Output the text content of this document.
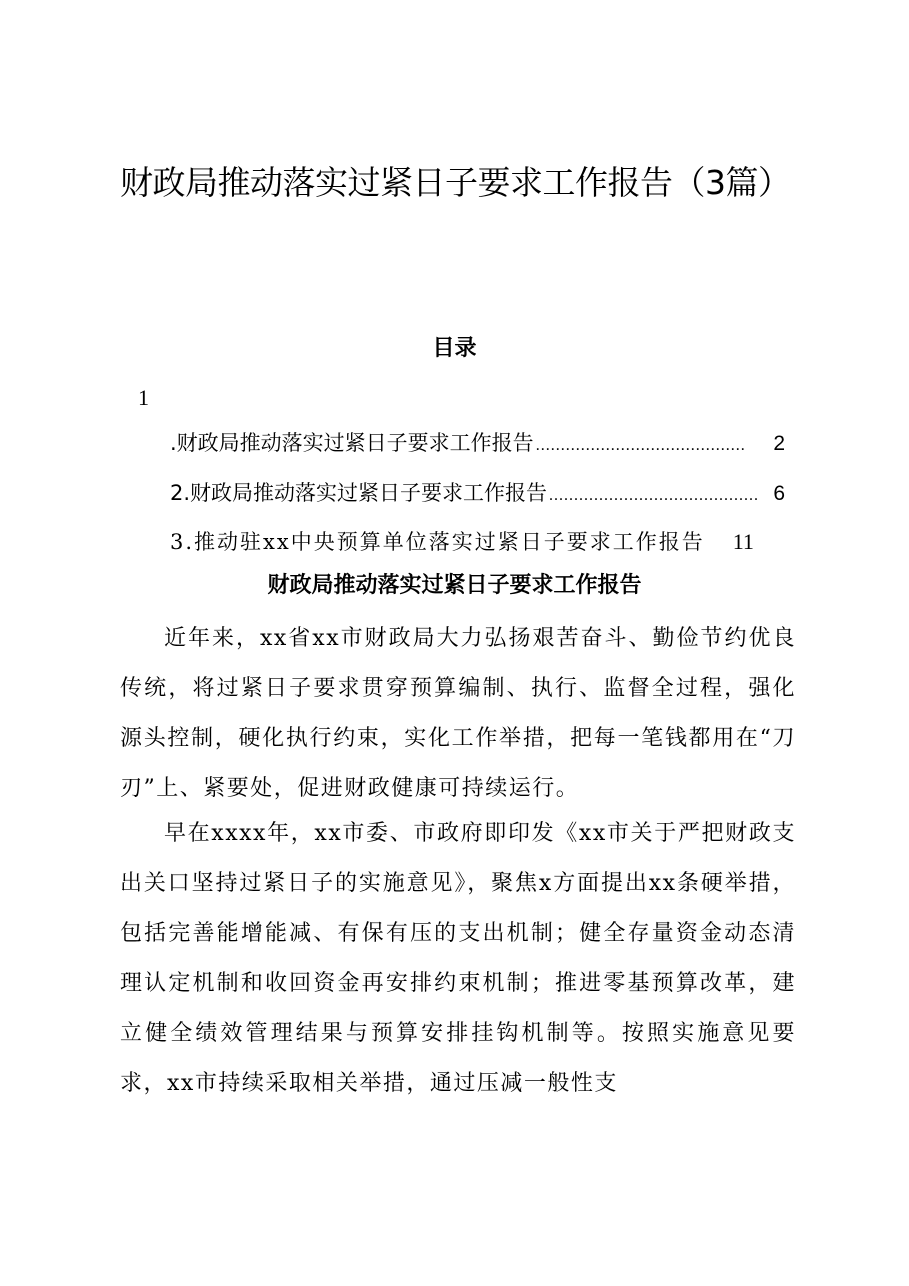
财政局推动落实过紧日子要求工作报告（3篇）
目录
1
.财政局推动落实过紧日子要求工作报告 ..........................................	2
2.财政局推动落实过紧日子要求工作报告 .......................................... 6
3.推动驻xx中央预算单位落实过紧日子要求工作报告 11
财政局推动落实过紧日子要求工作报告

近年来，xx省xx市财政局大力弘扬艰苦奋斗、勤俭节约优良传统，将过紧日子要求贯穿预算编制、执行、监督全过程，强化源头控制，硬化执行约束，实化工作举措，把每一笔钱都用在“刀刃”上、紧要处，促进财政健康可持续运行。

早在xxxx年，xx市委、市政府即印发《xx市关于严把财政支出关口坚持过紧日子的实施意见》，聚焦x方面提出xx条硬举措，包括完善能增能减、有保有压的支出机制；健全存量资金动态清理认定机制和收回资金再安排约束机制；推进零基预算改革，建立健全绩效管理结果与预算安排挂钩机制等。按照实施意见要求，xx市持续采取相关举措，通过压减一般性支
